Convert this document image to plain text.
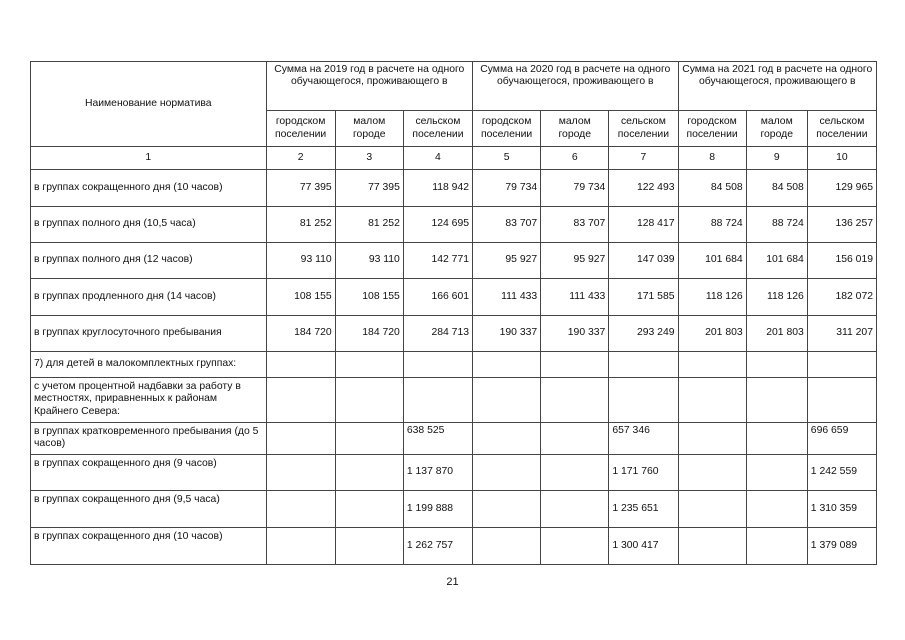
Наименование норматива	Сумма на 2019 год в расчете на одного обучающегося, проживающего в			Сумма на 2020 год в расчете на одного обучающегося, проживающего в			Сумма на 2021 год в расчете на одного обучающегося, проживающего в		
	городском поселении	малом городе	сельском поселении	городском поселении	малом городе	сельском поселении	городском поселении	малом городе	сельском поселении
1	2	3	4	5	6	7	8	9	10
в группах сокращенного дня (10 часов)	77 395	77 395	118 942	79 734	79 734	122 493	84 508	84 508	129 965
в группах полного дня (10,5 часа)	81 252	81 252	124 695	83 707	83 707	128 417	88 724	88 724	136 257
в группах полного дня (12 часов)	93 110	93 110	142 771	95 927	95 927	147 039	101 684	101 684	156 019
в группах продленного дня (14 часов)	108 155	108 155	166 601	111 433	111 433	171 585	118 126	118 126	182 072
в группах круглосуточного пребывания	184 720	184 720	284 713	190 337	190 337	293 249	201 803	201 803	311 207
7) для детей в малокомплектных группах:									
с учетом процентной надбавки за работу в местностях, приравненных к районам Крайнего Севера:									
в группах кратковременного пребывания (до 5 часов)			638 525			657 346			696 659
в группах сокращенного дня (9 часов)			1 137 870			1 171 760			1 242 559
в группах сокращенного дня (9,5 часа)			1 199 888			1 235 651			1 310 359
в группах сокращенного дня (10 часов)			1 262 757			1 300 417			1 379 089
21
